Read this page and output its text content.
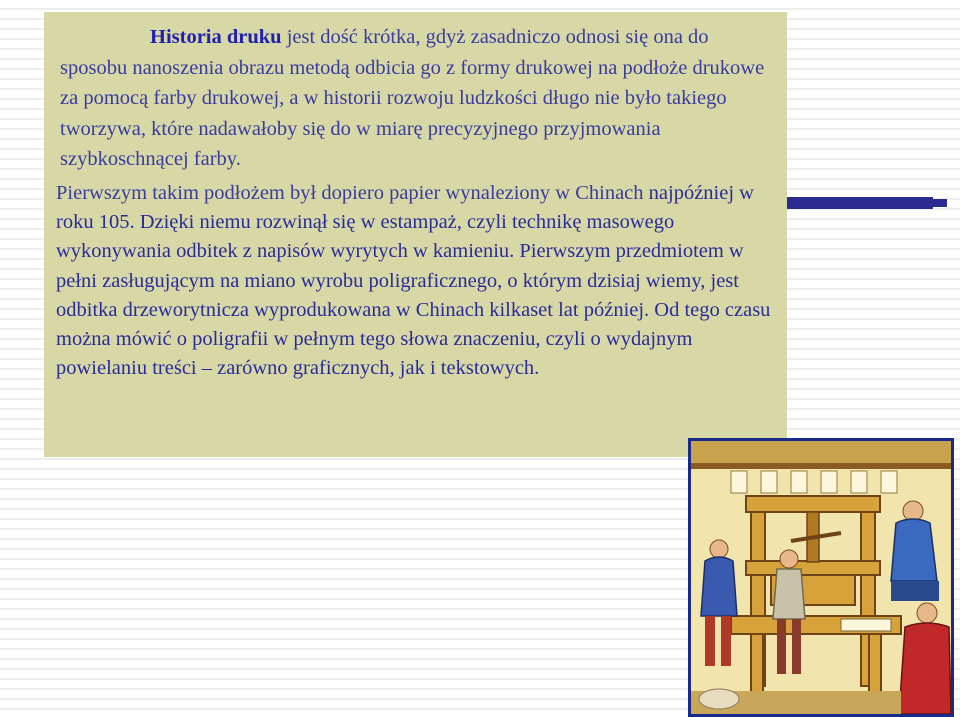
Historia druku jest dość krótka, gdyż zasadniczo odnosi się ona do sposobu nanoszenia obrazu metodą odbicia go z formy drukowej na podłoże drukowe za pomocą farby drukowej, a w historii rozwoju ludzkości długo nie było takiego tworzywa, które nadawałoby się do w miarę precyzyjnego przyjmowania szybkoschnącej farby.

Pierwszym takim podłożem był dopiero papier wynaleziony w Chinach najpóźniej w roku 105. Dzięki niemu rozwinął się w estampaż, czyli technikę masowego wykonywania odbitek z napisów wyrytych w kamieniu. Pierwszym przedmiotem w pełni zasługującym na miano wyrobu poligraficznego, o którym dzisiaj wiemy, jest odbitka drzeworytnicza wyprodukowana w Chinach kilkaset lat później. Od tego czasu można mówić o poligrafii w pełnym tego słowa znaczeniu, czyli o wydajnym powielaniu treści – zarówno graficznych, jak i tekstowych.
